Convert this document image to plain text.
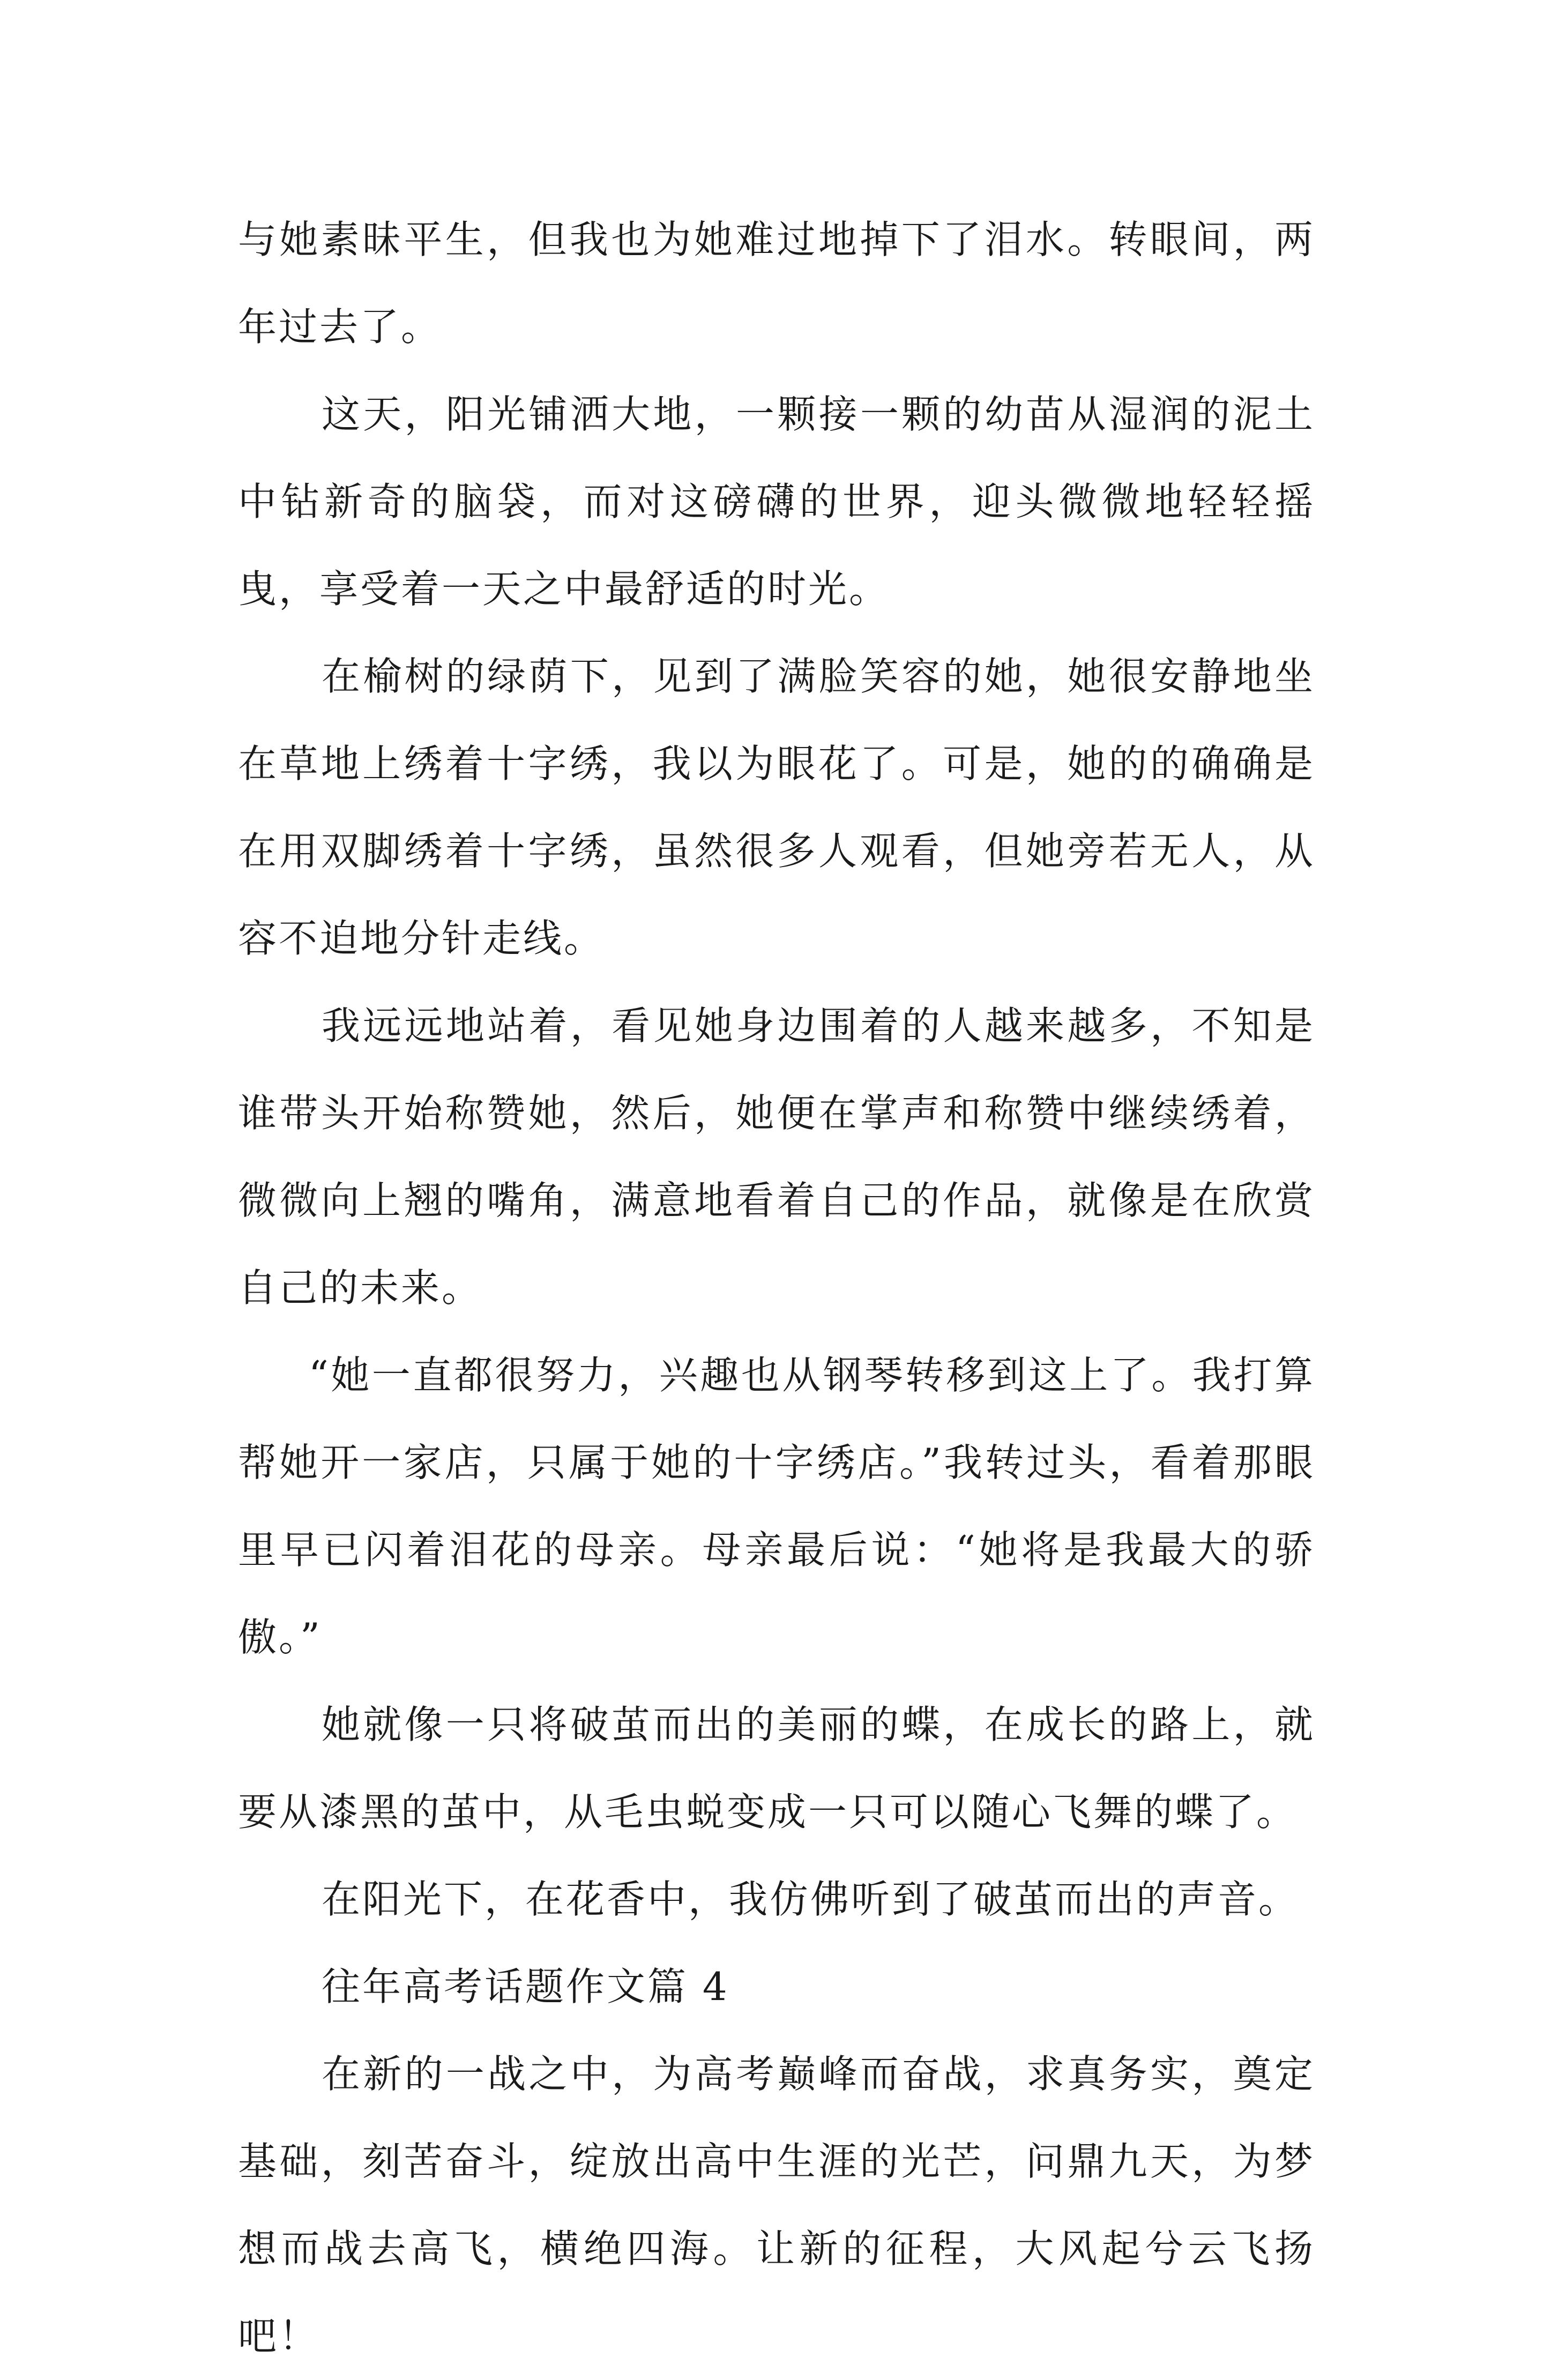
与她素昧平生，但我也为她难过地掉下了泪水。转眼间，两年过去了。

这天，阳光铺洒大地，一颗接一颗的幼苗从湿润的泥土中钻新奇的脑袋，而对这磅礴的世界，迎头微微地轻轻摇曳，享受着一天之中最舒适的时光。

在榆树的绿荫下，见到了满脸笑容的她，她很安静地坐在草地上绣着十字绣，我以为眼花了。可是，她的的确确是在用双脚绣着十字绣，虽然很多人观看，但她旁若无人，从容不迫地分针走线。

我远远地站着，看见她身边围着的人越来越多，不知是谁带头开始称赞她，然后，她便在掌声和称赞中继续绣着，微微向上翘的嘴角，满意地看着自己的作品，就像是在欣赏自己的未来。

“她一直都很努力，兴趣也从钢琴转移到这上了。我打算帮她开一家店，只属于她的十字绣店。”我转过头，看着那眼里早已闪着泪花的母亲。母亲最后说：“她将是我最大的骄傲。”

她就像一只将破茧而出的美丽的蝶，在成长的路上，就要从漆黑的茧中，从毛虫蜕变成一只可以随心飞舞的蝶了。

在阳光下，在花香中，我仿佛听到了破茧而出的声音。

往年高考话题作文篇 4

在新的一战之中，为高考巅峰而奋战，求真务实，奠定基础，刻苦奋斗，绽放出高中生涯的光芒，问鼎九天，为梦想而战去高飞，横绝四海。让新的征程，大风起兮云飞扬吧！
